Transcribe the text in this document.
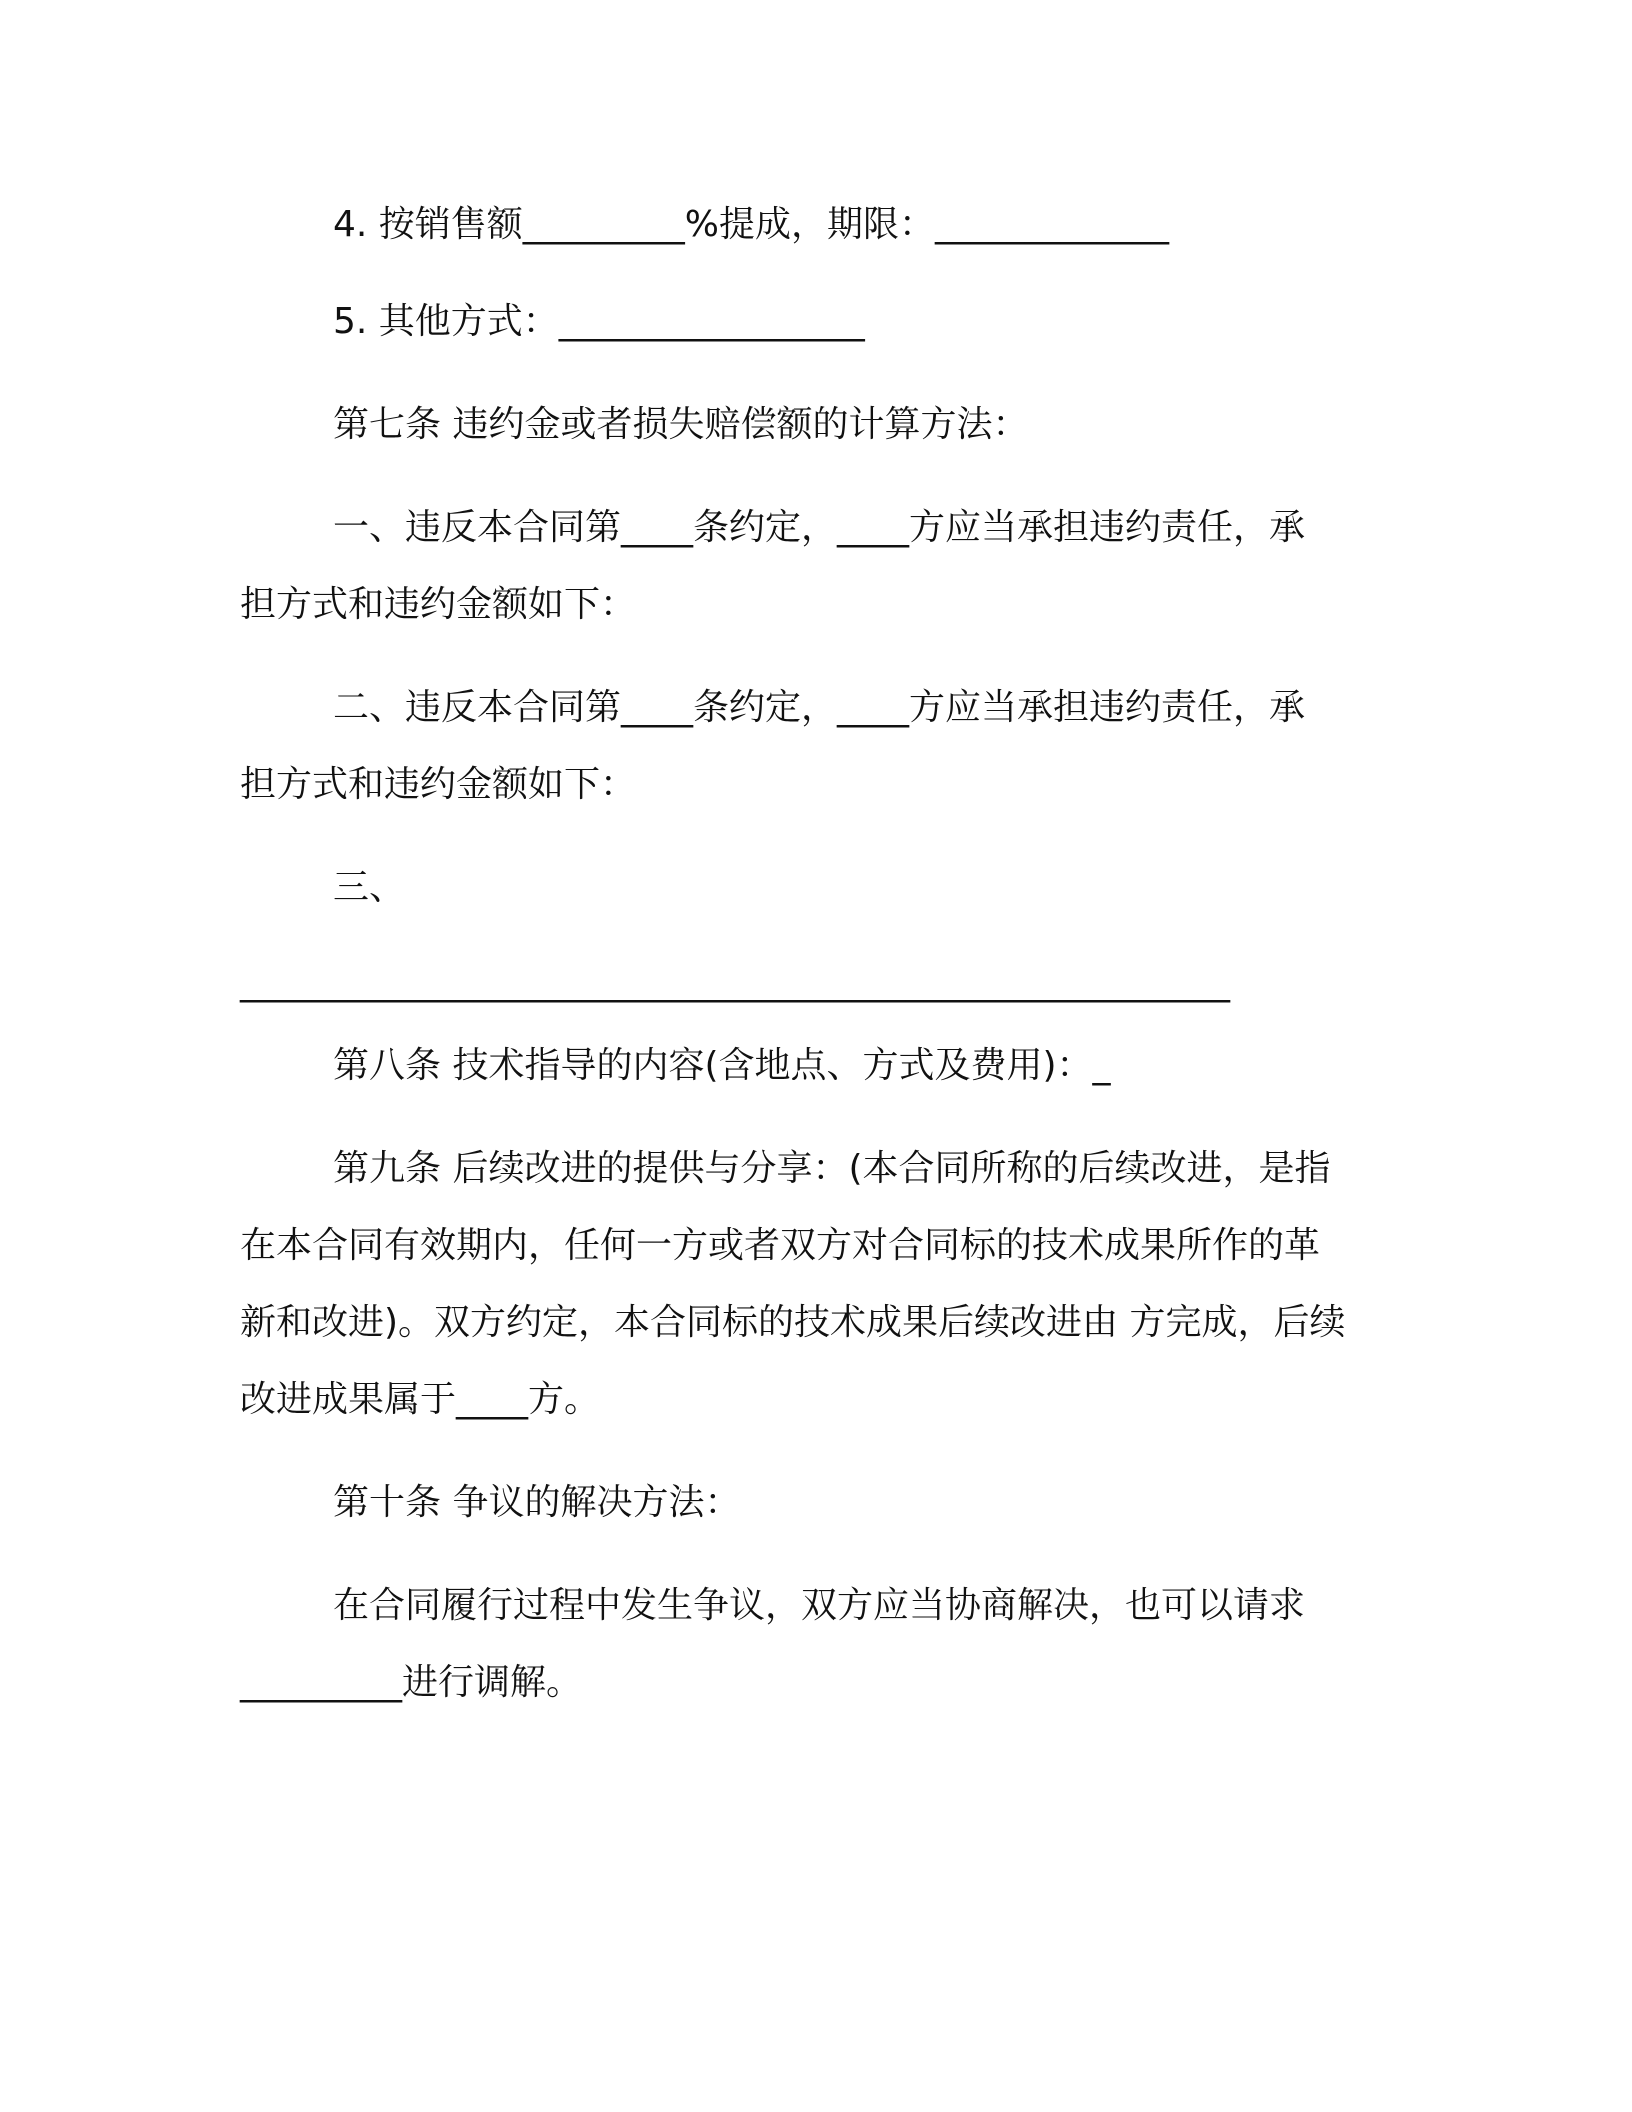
4. 按销售额_________%提成，期限：_____________
5. 其他方式：_________________
第七条 违约金或者损失赔偿额的计算方法：
一、违反本合同第____条约定，____方应当承担违约责任，承
担方式和违约金额如下：
二、违反本合同第____条约定，____方应当承担违约责任，承
担方式和违约金额如下：
三、
_______________________________________________________
第八条 技术指导的内容(含地点、方式及费用)：_
第九条 后续改进的提供与分享：(本合同所称的后续改进，是指
在本合同有效期内，任何一方或者双方对合同标的技术成果所作的革
新和改进)。双方约定，本合同标的技术成果后续改进由 方完成，后续
改进成果属于____方。
第十条 争议的解决方法：
在合同履行过程中发生争议，双方应当协商解决，也可以请求
_________进行调解。
